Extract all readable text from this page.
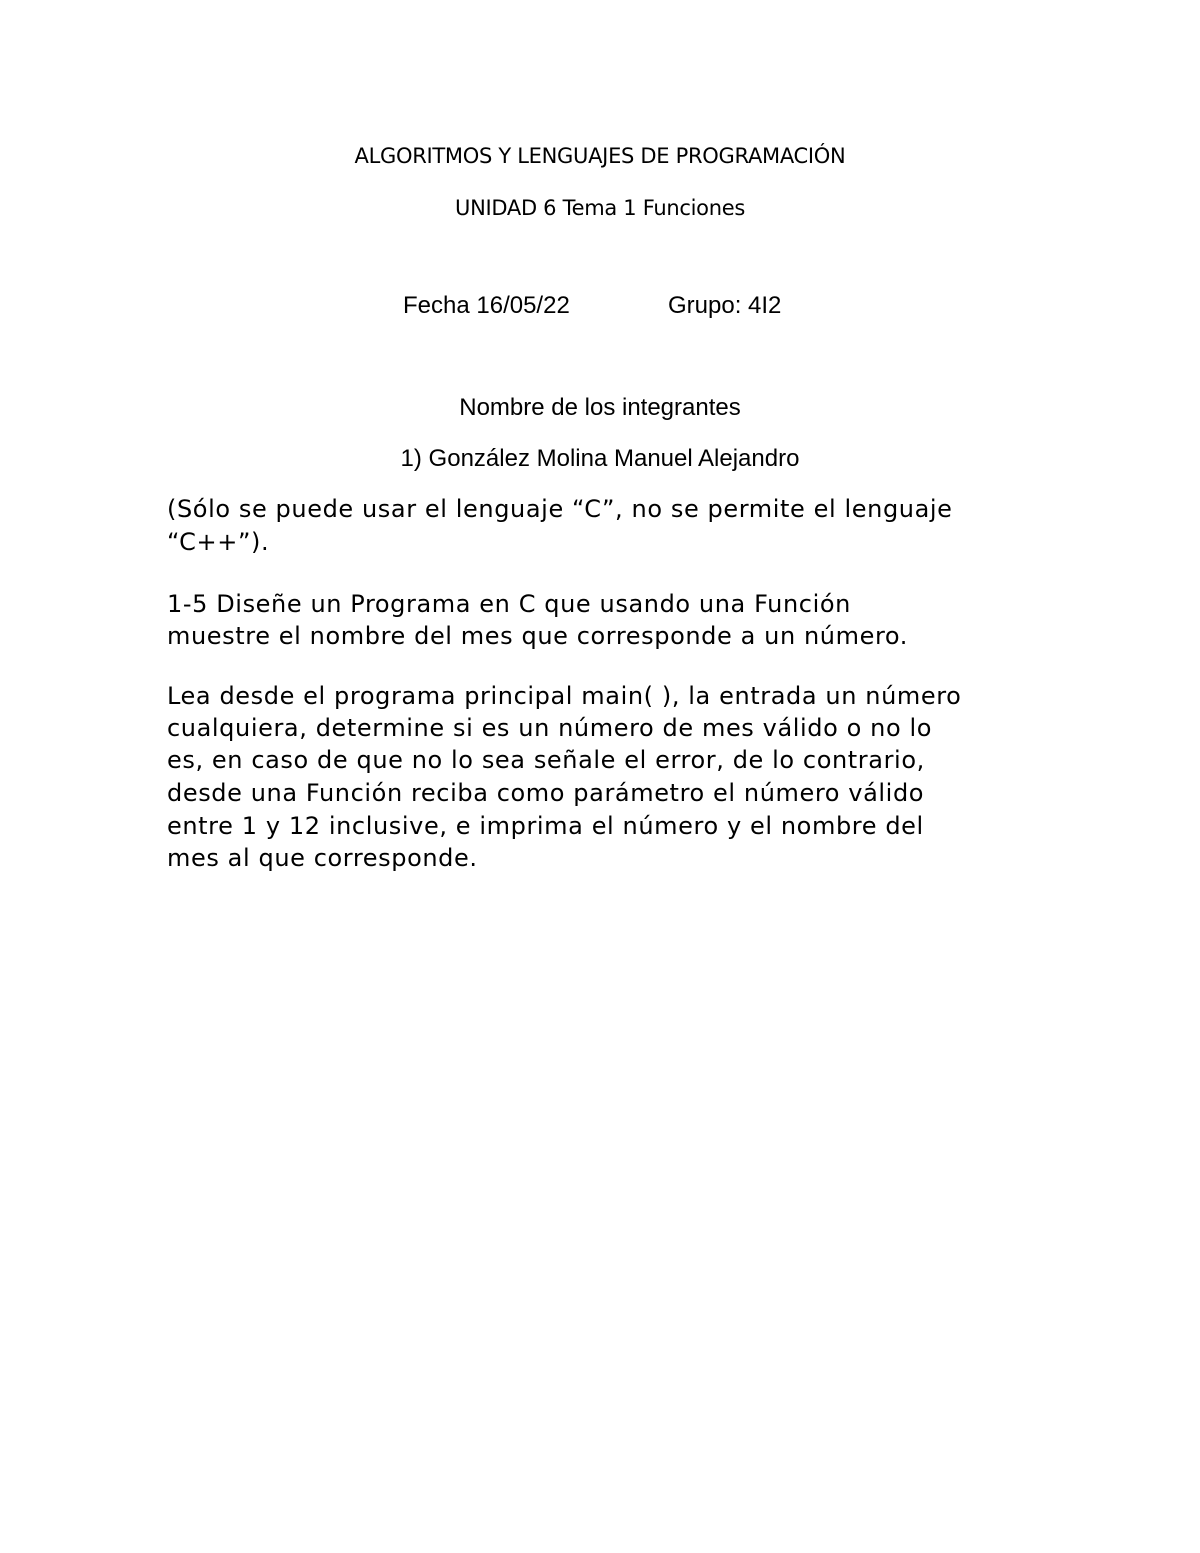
ALGORITMOS Y LENGUAJES DE PROGRAMACIÓN

UNIDAD 6 Tema 1 Funciones

Fecha 16/05/22	Grupo: 4I2

Nombre de los integrantes

1) González Molina Manuel Alejandro

(Sólo se puede usar el lenguaje “C”, no se permite el lenguaje

“C++”).

1-5 Diseñe un Programa en C que usando una Función

muestre el nombre del mes que corresponde a un número.

Lea desde el programa principal main( ), la entrada un número

cualquiera, determine si es un número de mes válido o no lo

es, en caso de que no lo sea señale el error, de lo contrario,

desde una Función reciba como parámetro el número válido

entre 1 y 12 inclusive, e imprima el número y el nombre del

mes al que corresponde.
